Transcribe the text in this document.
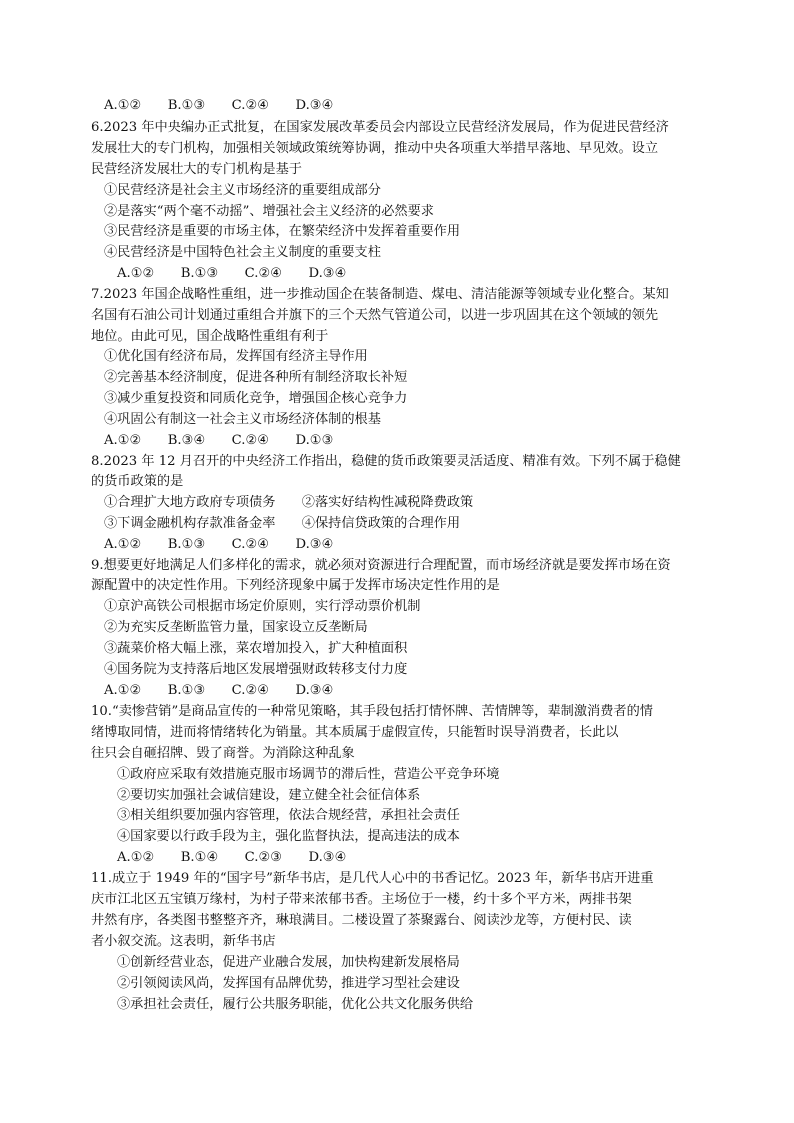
A.①②　　B.①③　　C.②④　　D.③④
6.2023 年中央编办正式批复，在国家发展改革委员会内部设立民营经济发展局，作为促进民营经济
发展壮大的专门机构，加强相关领域政策统筹协调，推动中央各项重大举措早落地、早见效。设立
民营经济发展壮大的专门机构是基于
①民营经济是社会主义市场经济的重要组成部分
②是落实“两个毫不动摇”、增强社会主义经济的必然要求
③民营经济是重要的市场主体，在繁荣经济中发挥着重要作用
④民营经济是中国特色社会主义制度的重要支柱
A.①②　　B.①③　　C.②④　　D.③④
7.2023 年国企战略性重组，进一步推动国企在装备制造、煤电、清洁能源等领域专业化整合。某知
名国有石油公司计划通过重组合并旗下的三个天然气管道公司，以进一步巩固其在这个领域的领先
地位。由此可见，国企战略性重组有利于
①优化国有经济布局，发挥国有经济主导作用
②完善基本经济制度，促进各种所有制经济取长补短
③减少重复投资和同质化竞争，增强国企核心竞争力
④巩固公有制这一社会主义市场经济体制的根基
A.①②　　B.③④　　C.②④　　D.①③
8.2023 年 12 月召开的中央经济工作指出，稳健的货币政策要灵活适度、精准有效。下列不属于稳健
的货币政策的是
①合理扩大地方政府专项债务　　②落实好结构性减税降费政策
③下调金融机构存款准备金率　　④保持信贷政策的合理作用
A.①②　　B.①③　　C.②④　　D.③④
9.想要更好地满足人们多样化的需求，就必须对资源进行合理配置，而市场经济就是要发挥市场在资
源配置中的决定性作用。下列经济现象中属于发挥市场决定性作用的是
①京沪高铁公司根据市场定价原则，实行浮动票价机制
②为充实反垄断监管力量，国家设立反垄断局
③蔬菜价格大幅上涨，菜农增加投入，扩大种植面积
④国务院为支持落后地区发展增强财政转移支付力度
A.①②　　B.①③　　C.②④　　D.③④
10.“卖惨营销”是商品宣传的一种常见策略，其手段包括打情怀牌、苦情牌等，辈制激消费者的情
绪博取同情，进而将情绪转化为销量。其本质属于虚假宣传，只能暂时误导消费者，长此以
往只会自砸招牌、毁了商誉。为消除这种乱象
①政府应采取有效措施克服市场调节的滞后性，营造公平竞争环境
②要切实加强社会诚信建设，建立健全社会征信体系
③相关组织要加强内容管理，依法合规经营，承担社会责任
④国家要以行政手段为主，强化监督执法，提高违法的成本
A.①②　　B.①④　　C.②③　　D.③④
11.成立于 1949 年的“国字号”新华书店，是几代人心中的书香记忆。2023 年，新华书店开进重
庆市江北区五宝镇万缘村，为村子带来浓郁书香。主场位于一楼，约十多个平方米，两排书架
井然有序，各类图书整整齐齐，琳琅满目。二楼设置了茶聚露台、阅读沙龙等，方便村民、读
者小叙交流。这表明，新华书店
①创新经营业态，促进产业融合发展，加快构建新发展格局
②引领阅读风尚，发挥国有品牌优势，推进学习型社会建设
③承担社会责任，履行公共服务职能，优化公共文化服务供给
